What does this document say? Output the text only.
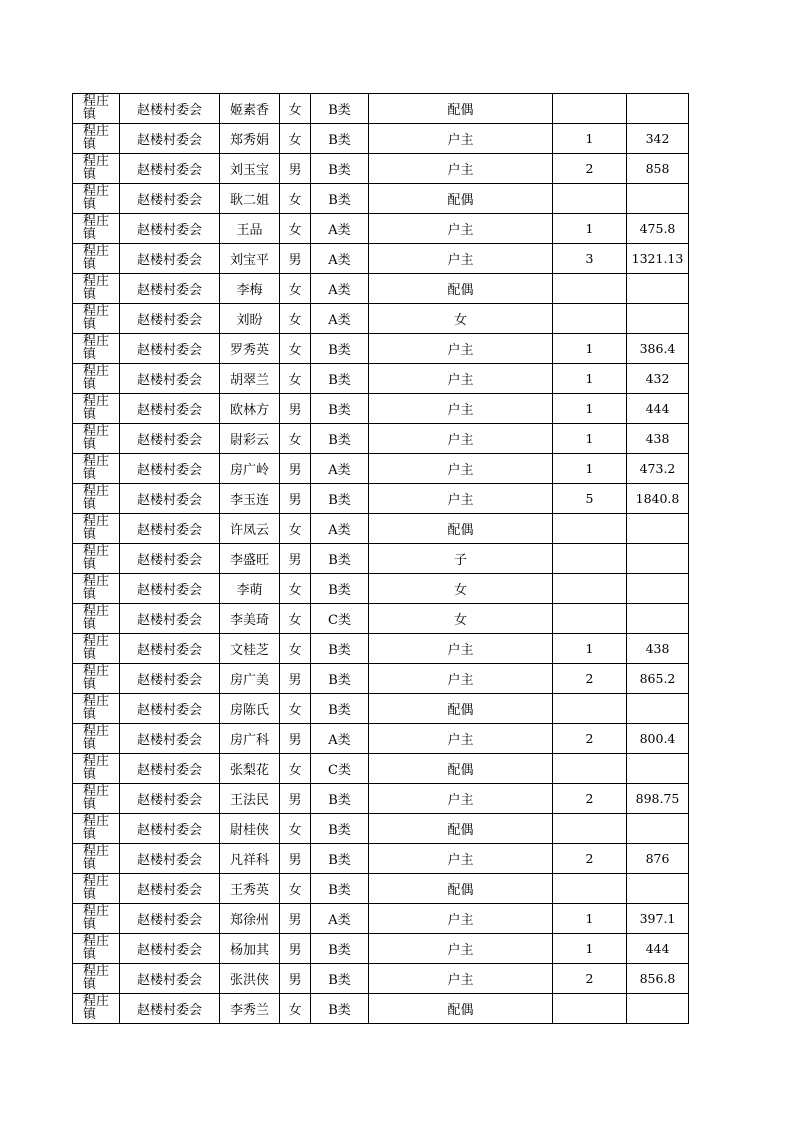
程庄镇	赵楼村委会	姬素香	女	B类	配偶		
程庄镇	赵楼村委会	郑秀娟	女	B类	户主	1	342
程庄镇	赵楼村委会	刘玉宝	男	B类	户主	2	858
程庄镇	赵楼村委会	耿二姐	女	B类	配偶		
程庄镇	赵楼村委会	王品	女	A类	户主	1	475.8
程庄镇	赵楼村委会	刘宝平	男	A类	户主	3	1321.13
程庄镇	赵楼村委会	李梅	女	A类	配偶		
程庄镇	赵楼村委会	刘盼	女	A类	女		
程庄镇	赵楼村委会	罗秀英	女	B类	户主	1	386.4
程庄镇	赵楼村委会	胡翠兰	女	B类	户主	1	432
程庄镇	赵楼村委会	欧林方	男	B类	户主	1	444
程庄镇	赵楼村委会	尉彩云	女	B类	户主	1	438
程庄镇	赵楼村委会	房广岭	男	A类	户主	1	473.2
程庄镇	赵楼村委会	李玉连	男	B类	户主	5	1840.8
程庄镇	赵楼村委会	许凤云	女	A类	配偶		
程庄镇	赵楼村委会	李盛旺	男	B类	子		
程庄镇	赵楼村委会	李萌	女	B类	女		
程庄镇	赵楼村委会	李美琦	女	C类	女		
程庄镇	赵楼村委会	文桂芝	女	B类	户主	1	438
程庄镇	赵楼村委会	房广美	男	B类	户主	2	865.2
程庄镇	赵楼村委会	房陈氏	女	B类	配偶		
程庄镇	赵楼村委会	房广科	男	A类	户主	2	800.4
程庄镇	赵楼村委会	张梨花	女	C类	配偶		
程庄镇	赵楼村委会	王法民	男	B类	户主	2	898.75
程庄镇	赵楼村委会	尉桂侠	女	B类	配偶		
程庄镇	赵楼村委会	凡祥科	男	B类	户主	2	876
程庄镇	赵楼村委会	王秀英	女	B类	配偶		
程庄镇	赵楼村委会	郑徐州	男	A类	户主	1	397.1
程庄镇	赵楼村委会	杨加其	男	B类	户主	1	444
程庄镇	赵楼村委会	张洪侠	男	B类	户主	2	856.8
程庄镇	赵楼村委会	李秀兰	女	B类	配偶		
